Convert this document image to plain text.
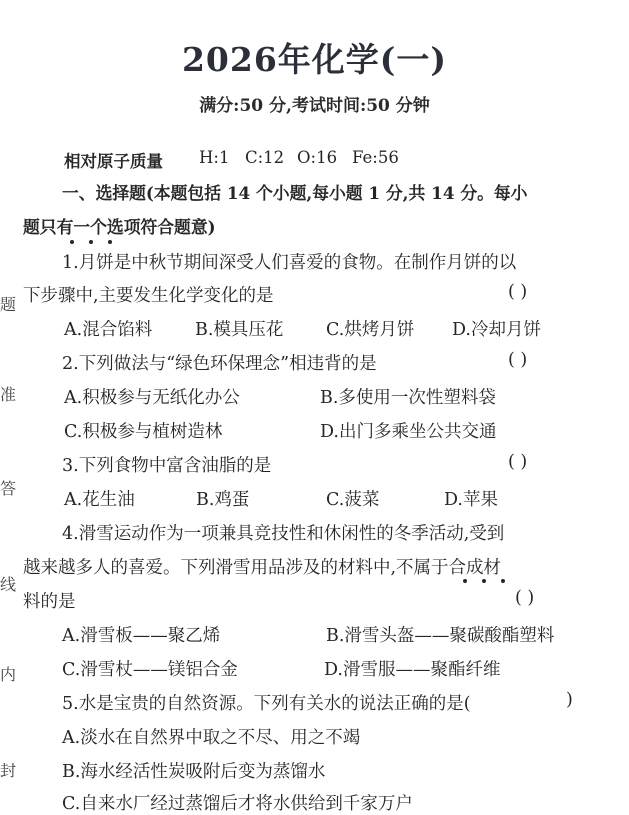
题
准
答
线
内
封
2026年化学(一)
满分:50 分,考试时间:50 分钟
相对原子质量 H:1 C:12 O:16 Fe:56
一、选择题(本题包括 14 个小题,每小题 1 分,共 14 分。每小
题只有一个选项符合题意)
1.月饼是中秋节期间深受人们喜爱的食物。在制作月饼的以
下步骤中,主要发生化学变化的是	( )
A.混合馅料 B.模具压花 C.烘烤月饼 D.冷却月饼
2.下列做法与“绿色环保理念”相违背的是	( )
A.积极参与无纸化办公	B.多使用一次性塑料袋
C.积极参与植树造林	D.出门多乘坐公共交通
3.下列食物中富含油脂的是	( )
A.花生油	B.鸡蛋	C.菠菜	D.苹果
4.滑雪运动作为一项兼具竞技性和休闲性的冬季活动,受到
越来越多人的喜爱。下列滑雪用品涉及的材料中,不属于合成材
料的是	( )
A.滑雪板——聚乙烯	B.滑雪头盔——聚碳酸酯塑料
C.滑雪杖——镁铝合金	D.滑雪服——聚酯纤维
5.水是宝贵的自然资源。下列有关水的说法正确的是(	)
A.淡水在自然界中取之不尽、用之不竭
B.海水经活性炭吸附后变为蒸馏水
C.自来水厂经过蒸馏后才将水供给到千家万户
